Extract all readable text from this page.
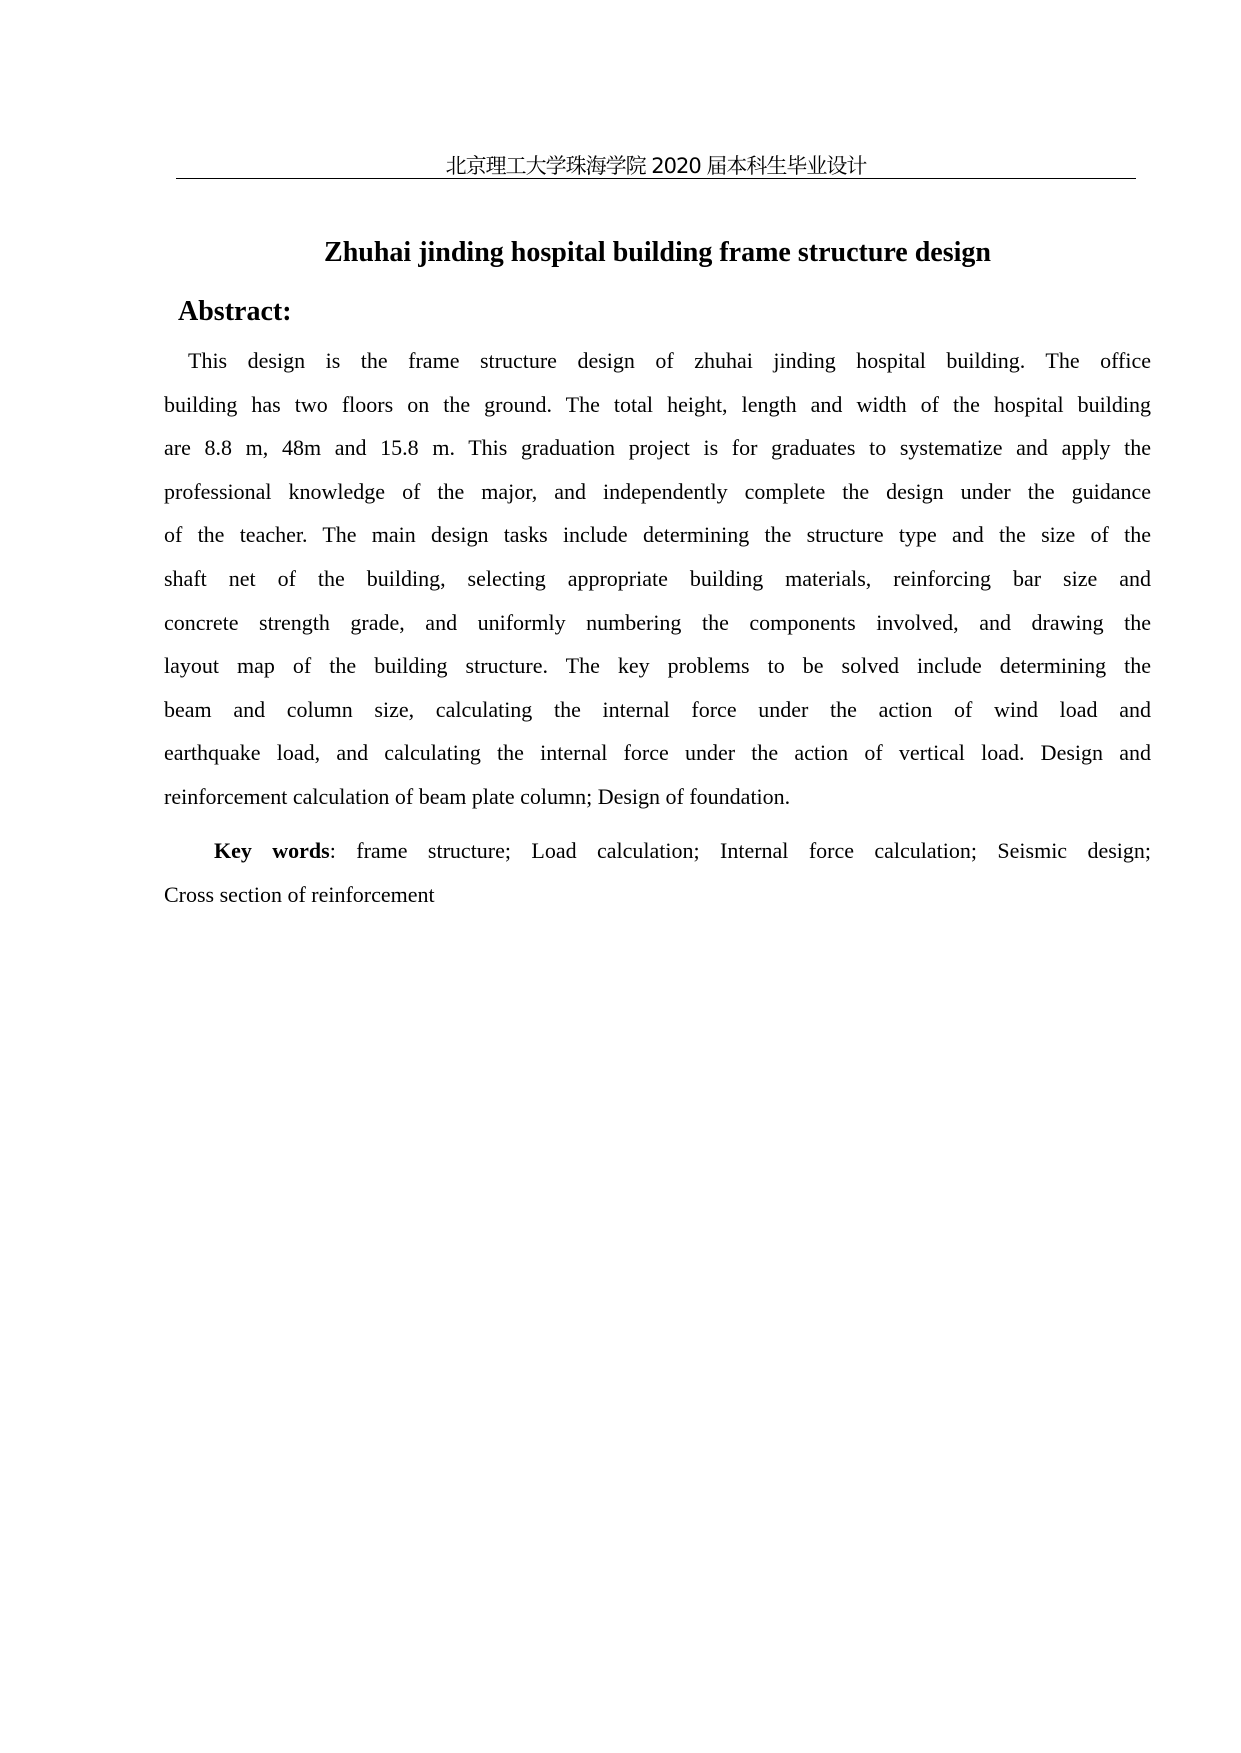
北京理工大学珠海学院 2020 届本科生毕业设计
Zhuhai jinding hospital building frame structure design
Abstract:
This design is the frame structure design of zhuhai jinding hospital building. The office
building has two floors on the ground. The total height, length and width of the hospital building
are 8.8 m, 48m and 15.8 m. This graduation project is for graduates to systematize and apply the
professional knowledge of the major, and independently complete the design under the guidance
of the teacher. The main design tasks include determining the structure type and the size of the
shaft net of the building, selecting appropriate building materials, reinforcing bar size and
concrete strength grade, and uniformly numbering the components involved, and drawing the
layout map of the building structure. The key problems to be solved include determining the
beam and column size, calculating the internal force under the action of wind load and
earthquake load, and calculating the internal force under the action of vertical load. Design and
reinforcement calculation of beam plate column; Design of foundation.
Key words: frame structure; Load calculation; Internal force calculation; Seismic design;
Cross section of reinforcement
